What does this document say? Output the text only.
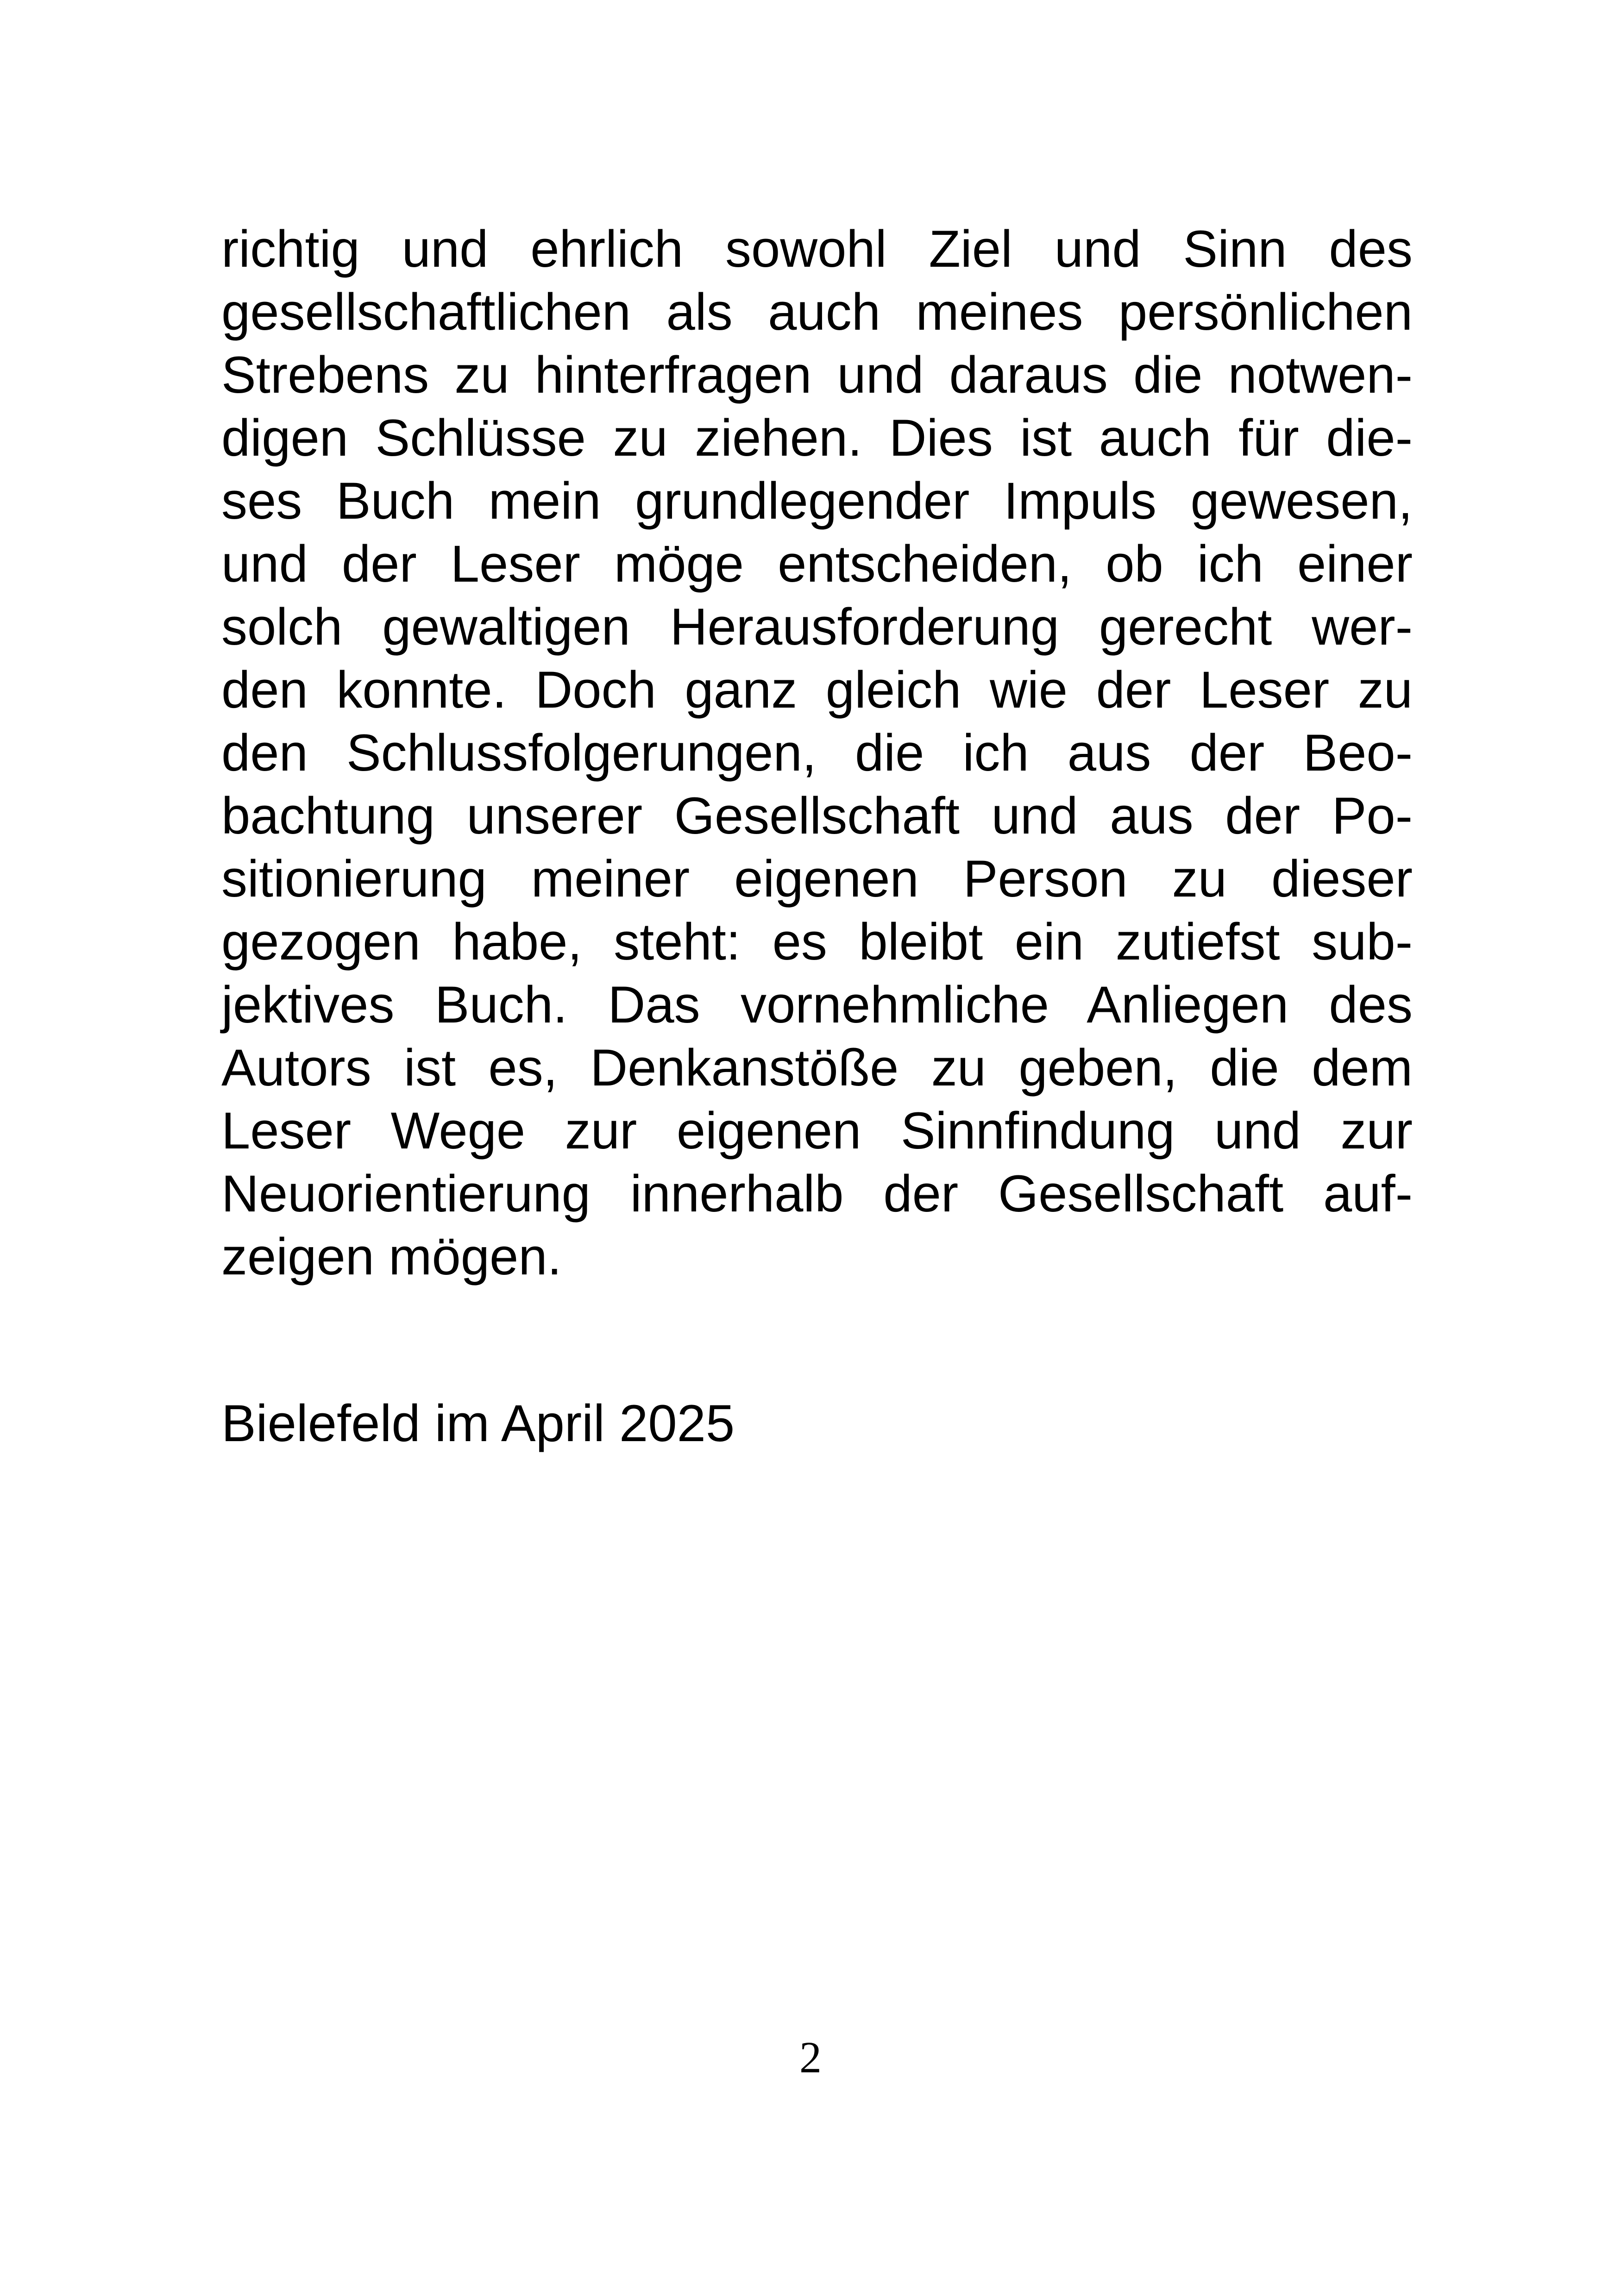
richtig und ehrlich sowohl Ziel und Sinn des
gesellschaftlichen als auch meines persönlichen
Strebens zu hinterfragen und daraus die notwen-
digen Schlüsse zu ziehen. Dies ist auch für die-
ses Buch mein grundlegender Impuls gewesen,
und der Leser möge entscheiden, ob ich einer
solch gewaltigen Herausforderung gerecht wer-
den konnte. Doch ganz gleich wie der Leser zu
den Schlussfolgerungen, die ich aus der Beo-
bachtung unserer Gesellschaft und aus der Po-
sitionierung meiner eigenen Person zu dieser
gezogen habe, steht: es bleibt ein zutiefst sub-
jektives Buch. Das vornehmliche Anliegen des
Autors ist es, Denkanstöße zu geben, die dem
Leser Wege zur eigenen Sinnfindung und zur
Neuorientierung innerhalb der Gesellschaft auf-
zeigen mögen.

Bielefeld im April 2025

2
